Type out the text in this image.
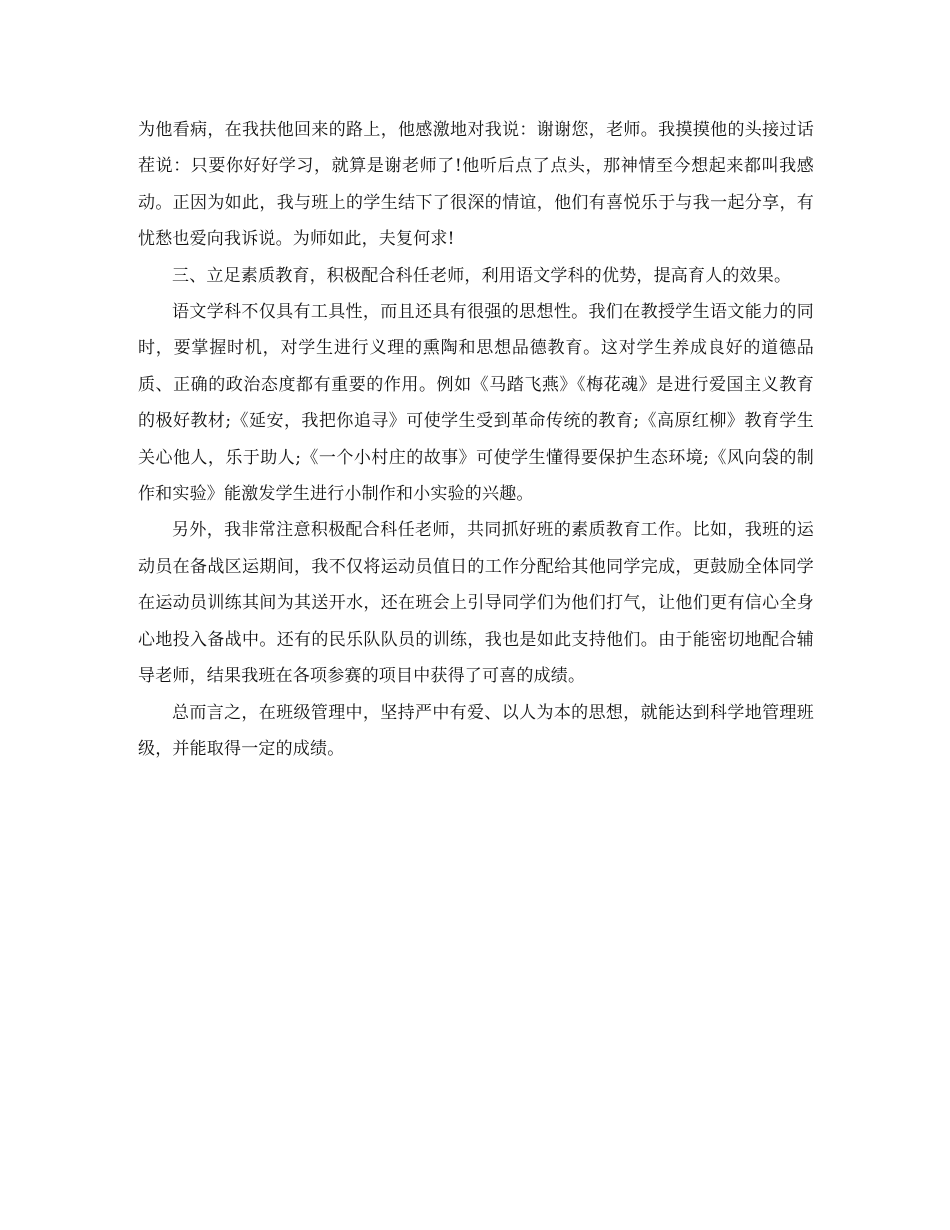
为他看病，在我扶他回来的路上，他感激地对我说：谢谢您，老师。我摸摸他的头接过话茬说：只要你好好学习，就算是谢老师了!他听后点了点头，那神情至今想起来都叫我感动。正因为如此，我与班上的学生结下了很深的情谊，他们有喜悦乐于与我一起分享，有忧愁也爱向我诉说。为师如此，夫复何求!

三、立足素质教育，积极配合科任老师，利用语文学科的优势，提高育人的效果。

语文学科不仅具有工具性，而且还具有很强的思想性。我们在教授学生语文能力的同时，要掌握时机，对学生进行义理的熏陶和思想品德教育。这对学生养成良好的道德品质、正确的政治态度都有重要的作用。例如《马踏飞燕》《梅花魂》是进行爱国主义教育的极好教材;《延安，我把你追寻》可使学生受到革命传统的教育;《高原红柳》教育学生关心他人，乐于助人;《一个小村庄的故事》可使学生懂得要保护生态环境;《风向袋的制作和实验》能激发学生进行小制作和小实验的兴趣。

另外，我非常注意积极配合科任老师，共同抓好班的素质教育工作。比如，我班的运动员在备战区运期间，我不仅将运动员值日的工作分配给其他同学完成，更鼓励全体同学在运动员训练其间为其送开水，还在班会上引导同学们为他们打气，让他们更有信心全身心地投入备战中。还有的民乐队队员的训练，我也是如此支持他们。由于能密切地配合辅导老师，结果我班在各项参赛的项目中获得了可喜的成绩。

总而言之，在班级管理中，坚持严中有爱、以人为本的思想，就能达到科学地管理班级，并能取得一定的成绩。
